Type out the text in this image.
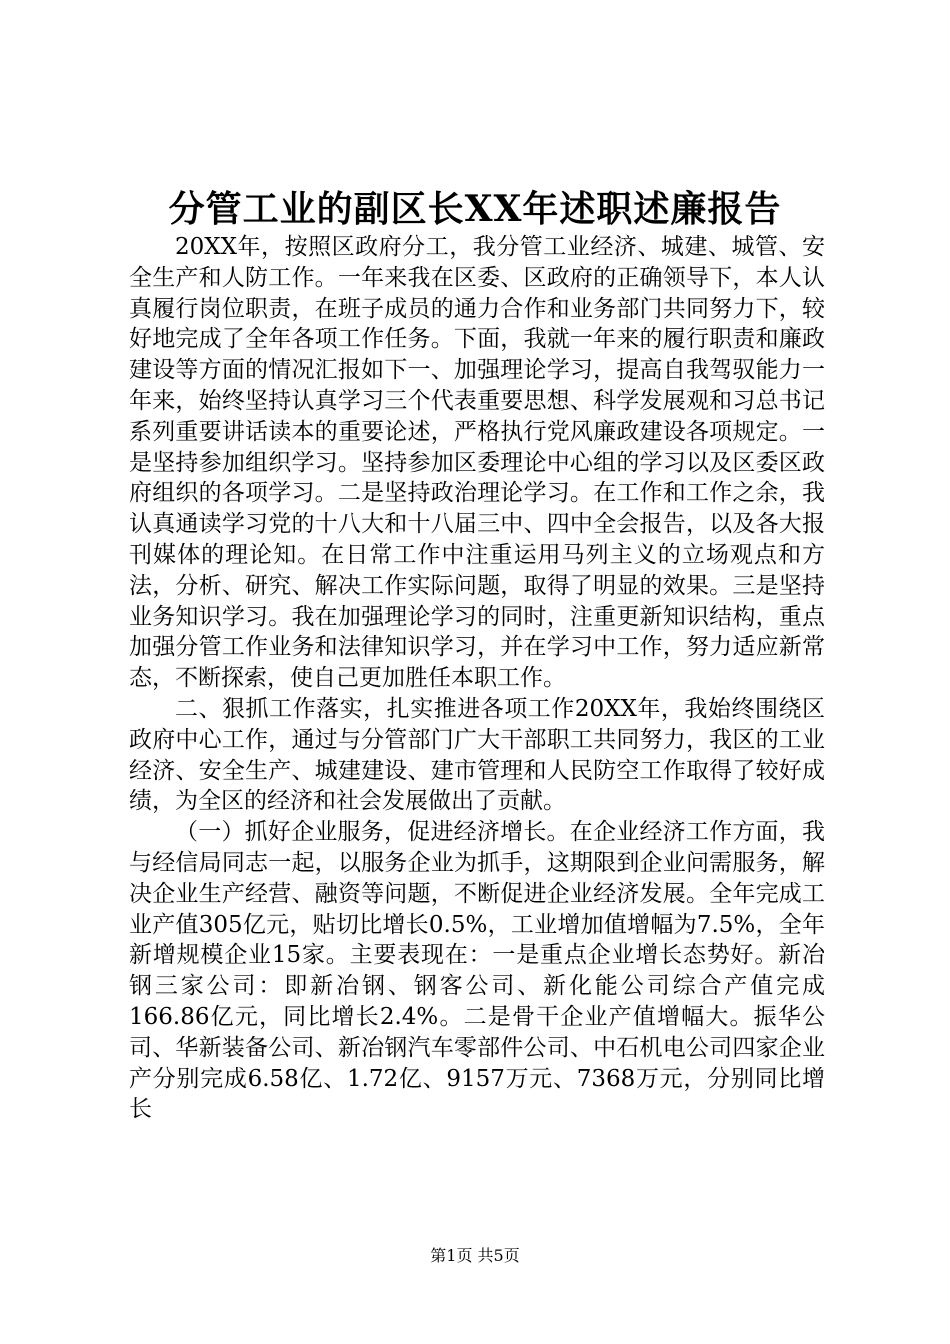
分管工业的副区长XX年述职述廉报告

20XX年，按照区政府分工，我分管工业经济、城建、城管、安全生产和人防工作。一年来我在区委、区政府的正确领导下，本人认真履行岗位职责，在班子成员的通力合作和业务部门共同努力下，较好地完成了全年各项工作任务。下面，我就一年来的履行职责和廉政建设等方面的情况汇报如下一、加强理论学习，提高自我驾驭能力一年来，始终坚持认真学习三个代表重要思想、科学发展观和习总书记系列重要讲话读本的重要论述，严格执行党风廉政建设各项规定。一是坚持参加组织学习。坚持参加区委理论中心组的学习以及区委区政府组织的各项学习。二是坚持政治理论学习。在工作和工作之余，我认真通读学习党的十八大和十八届三中、四中全会报告，以及各大报刊媒体的理论知。在日常工作中注重运用马列主义的立场观点和方法，分析、研究、解决工作实际问题，取得了明显的效果。三是坚持业务知识学习。我在加强理论学习的同时，注重更新知识结构，重点加强分管工作业务和法律知识学习，并在学习中工作，努力适应新常态，不断探索，使自己更加胜任本职工作。

二、狠抓工作落实，扎实推进各项工作20XX年，我始终围绕区政府中心工作，通过与分管部门广大干部职工共同努力，我区的工业经济、安全生产、城建建设、建市管理和人民防空工作取得了较好成绩，为全区的经济和社会发展做出了贡献。

（一）抓好企业服务，促进经济增长。在企业经济工作方面，我与经信局同志一起，以服务企业为抓手，这期限到企业问需服务，解决企业生产经营、融资等问题，不断促进企业经济发展。全年完成工业产值305亿元，贴切比增长0.5%，工业增加值增幅为7.5%，全年新增规模企业15家。主要表现在：一是重点企业增长态势好。新冶钢三家公司：即新冶钢、钢客公司、新化能公司综合产值完成166.86亿元，同比增长2.4%。二是骨干企业产值增幅大。振华公司、华新装备公司、新冶钢汽车零部件公司、中石机电公司四家企业产分别完成6.58亿、1.72亿、9157万元、7368万元，分别同比增长

第1页 共5页
